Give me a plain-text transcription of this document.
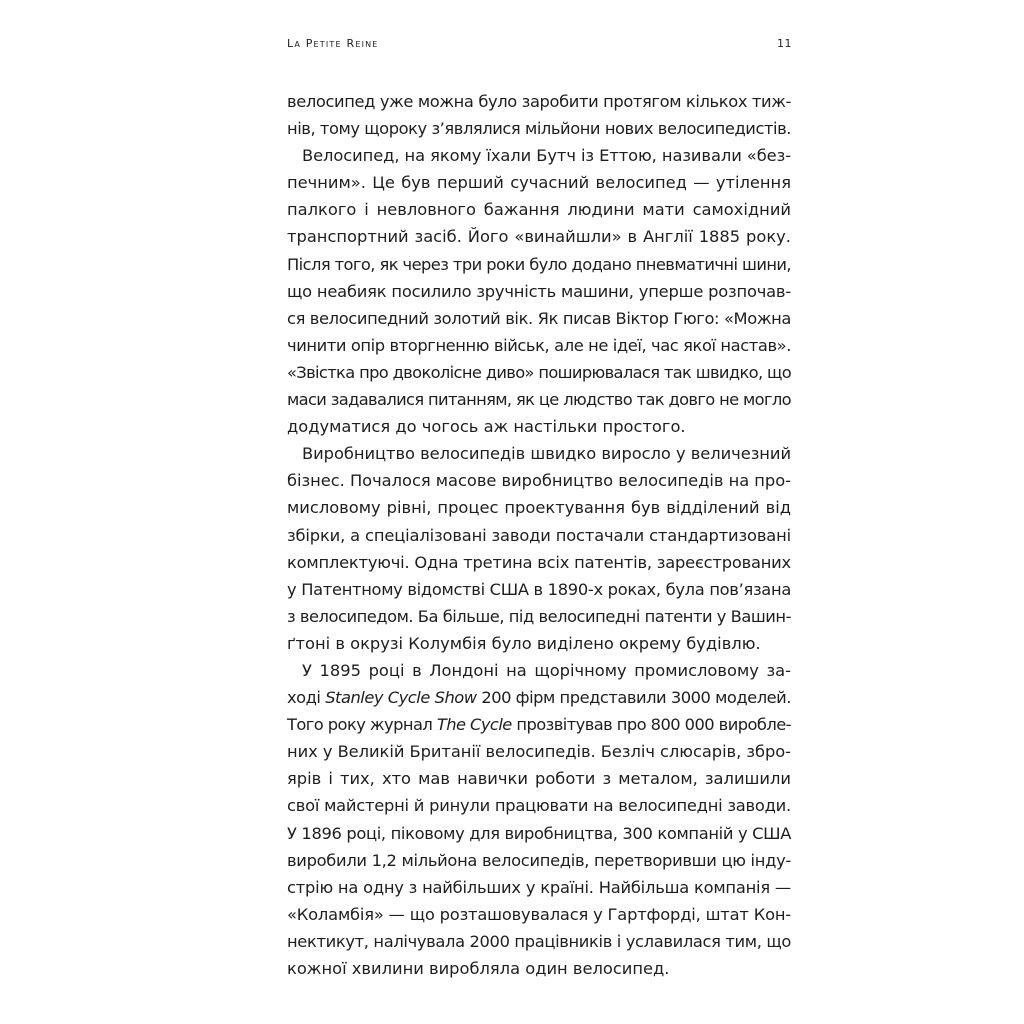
La Petite Reine	11
велосипед уже можна було заробити протягом кількох тиж-
нів, тому щороку з’являлися мільйони нових велосипедистів.
Велосипед, на якому їхали Бутч із Еттою, називали «без-
печним». Це був перший сучасний велосипед — утілення
палкого і невловного бажання людини мати самохідний
транспортний засіб. Його «винайшли» в Англії 1885 року.
Після того, як через три роки було додано пневматичні шини,
що неабияк посилило зручність машини, уперше розпочав-
ся велосипедний золотий вік. Як писав Віктор Гюго: «Можна
чинити опір вторгненню військ, але не ідеї, час якої настав».
«Звістка про двоколісне диво» поширювалася так швидко, що
маси задавалися питанням, як це людство так довго не могло
додуматися до чогось аж настільки простого.
Виробництво велосипедів швидко виросло у величезний
бізнес. Почалося масове виробництво велосипедів на про-
мисловому рівні, процес проектування був відділений від
збірки, а спеціалізовані заводи постачали стандартизовані
комплектуючі. Одна третина всіх патентів, зареєстрованих
у Патентному відомстві США в 1890-х роках, була пов’язана
з велосипедом. Ба більше, під велосипедні патенти у Вашин-
ґтоні в окрузі Колумбія було виділено окрему будівлю.
У 1895 році в Лондоні на щорічному промисловому за-
ході Stanley Cycle Show 200 фірм представили 3000 моделей.
Того року журнал The Cycle прозвітував про 800 000 виробле-
них у Великій Британії велосипедів. Безліч слюсарів, збро-
ярів і тих, хто мав навички роботи з металом, залишили
свої майстерні й ринули працювати на велосипедні заводи.
У 1896 році, піковому для виробництва, 300 компаній у США
виробили 1,2 мільйона велосипедів, перетворивши цю інду-
стрію на одну з найбільших у країні. Найбільша компанія —
«Коламбія» — що розташовувалася у Гартфорді, штат Кон-
нектикут, налічувала 2000 працівників і уславилася тим, що
кожної хвилини виробляла один велосипед.
